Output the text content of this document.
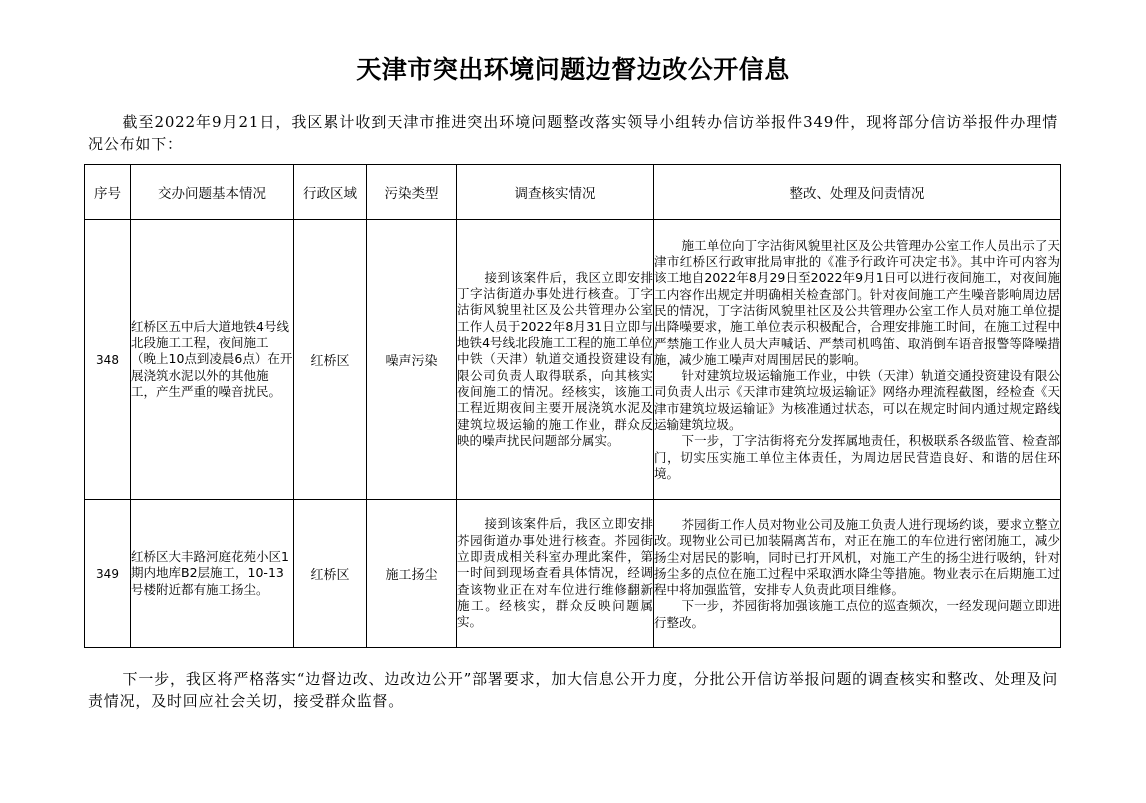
天津市突出环境问题边督边改公开信息
截至2022年9月21日，我区累计收到天津市推进突出环境问题整改落实领导小组转办信访举报件349件，现将部分信访举报件办理情况公布如下：
序号	交办问题基本情况	行政区域	污染类型	调查核实情况	整改、处理及问责情况
348	红桥区五中后大道地铁4号线北段施工工程，夜间施工（晚上10点到凌晨6点）在开展浇筑水泥以外的其他施工，产生严重的噪音扰民。	红桥区	噪声污染	接到该案件后，我区立即安排丁字沽街道办事处进行核查。丁字沽街风貌里社区及公共管理办公室工作人员于2022年8月31日立即与地铁4号线北段施工工程的施工单位中铁（天津）轨道交通投资建设有限公司负责人取得联系，向其核实夜间施工的情况。经核实，该施工工程近期夜间主要开展浇筑水泥及建筑垃圾运输的施工作业，群众反映的噪声扰民问题部分属实。	施工单位向丁字沽街风貌里社区及公共管理办公室工作人员出示了天津市红桥区行政审批局审批的《准予行政许可决定书》。其中许可内容为该工地自2022年8月29日至2022年9月1日可以进行夜间施工，对夜间施工内容作出规定并明确相关检查部门。针对夜间施工产生噪音影响周边居民的情况，丁字沽街风貌里社区及公共管理办公室工作人员对施工单位提出降噪要求，施工单位表示积极配合，合理安排施工时间，在施工过程中严禁施工作业人员大声喊话、严禁司机鸣笛、取消倒车语音报警等降噪措施，减少施工噪声对周围居民的影响。
针对建筑垃圾运输施工作业，中铁（天津）轨道交通投资建设有限公司负责人出示《天津市建筑垃圾运输证》网络办理流程截图，经检查《天津市建筑垃圾运输证》为核准通过状态，可以在规定时间内通过规定路线运输建筑垃圾。
下一步，丁字沽街将充分发挥属地责任，积极联系各级监管、检查部门，切实压实施工单位主体责任，为周边居民营造良好、和谐的居住环境。

349	红桥区大丰路河庭花苑小区1期内地库B2层施工，10-13号楼附近都有施工扬尘。	红桥区	施工扬尘	接到该案件后，我区立即安排芥园街道办事处进行核查。芥园街立即责成相关科室办理此案件，第一时间到现场查看具体情况，经调查该物业正在对车位进行维修翻新施工。经核实，群众反映问题属实。	芥园街工作人员对物业公司及施工负责人进行现场约谈，要求立整立改。现物业公司已加装隔离苫布，对正在施工的车位进行密闭施工，减少扬尘对居民的影响，同时已打开风机，对施工产生的扬尘进行吸纳，针对扬尘多的点位在施工过程中采取洒水降尘等措施。物业表示在后期施工过程中将加强监管，安排专人负责此项目维修。
下一步，芥园街将加强该施工点位的巡查频次，一经发现问题立即进行整改。
下一步，我区将严格落实“边督边改、边改边公开”部署要求，加大信息公开力度，分批公开信访举报问题的调查核实和整改、处理及问责情况，及时回应社会关切，接受群众监督。
